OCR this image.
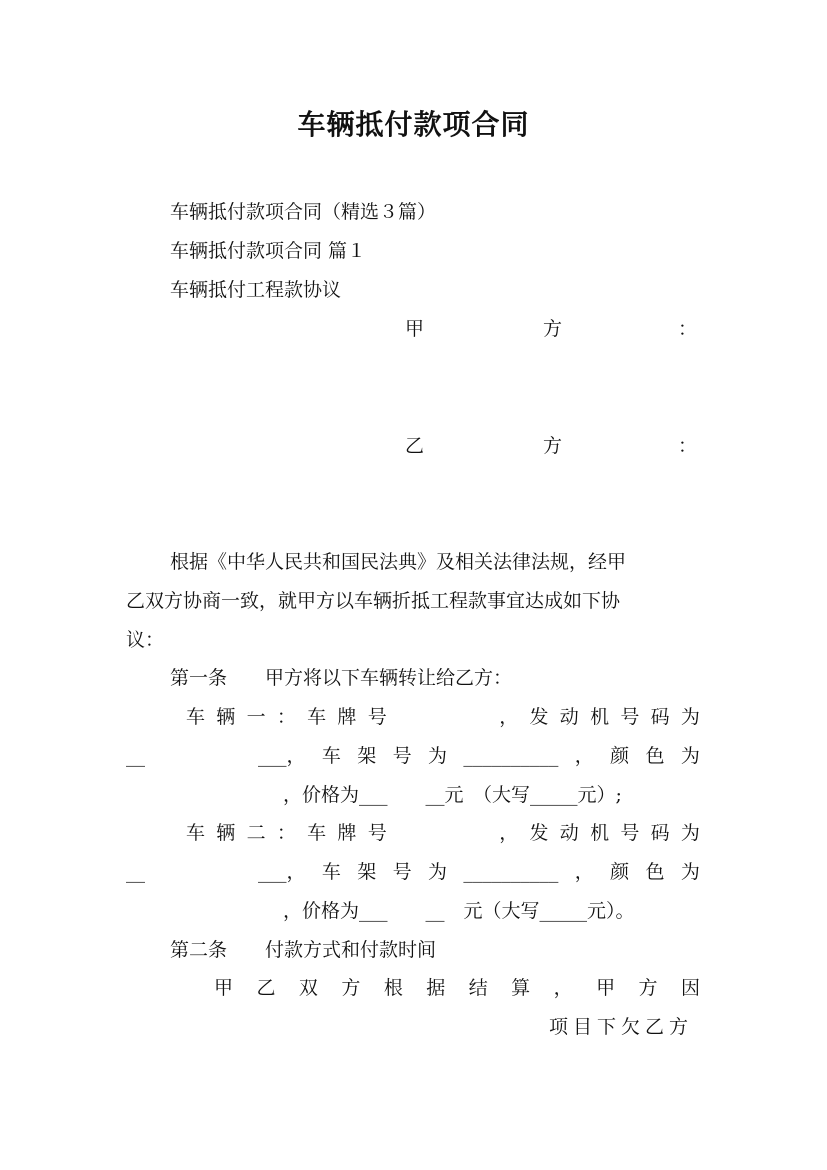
车辆抵付款项合同
车辆抵付款项合同（精选３篇）
车辆抵付款项合同 篇１
车辆抵付工程款协议
甲	方	：
乙	方	：
根据《中华人民共和国民法典》及相关法律法规，经甲
乙双方协商一致，就甲方以车辆折抵工程款事宜达成如下协
议：
第一条　　甲方将以下车辆转让给乙方：
车 辆 一 ： 车 牌 号	， 发 动 机 号 码 为
__	___， 车 架 号 为 __________ ， 颜 色 为
，价格为___　　__元　（大写_____元）;
车 辆 二 ： 车 牌 号	， 发 动 机 号 码 为
__	___， 车 架 号 为 __________ ， 颜 色 为
，价格为___　　__　元（大写_____元）。
第二条　　付款方式和付款时间
甲 乙 双 方 根 据 结 算 ， 甲 方 因
项目下欠乙方
